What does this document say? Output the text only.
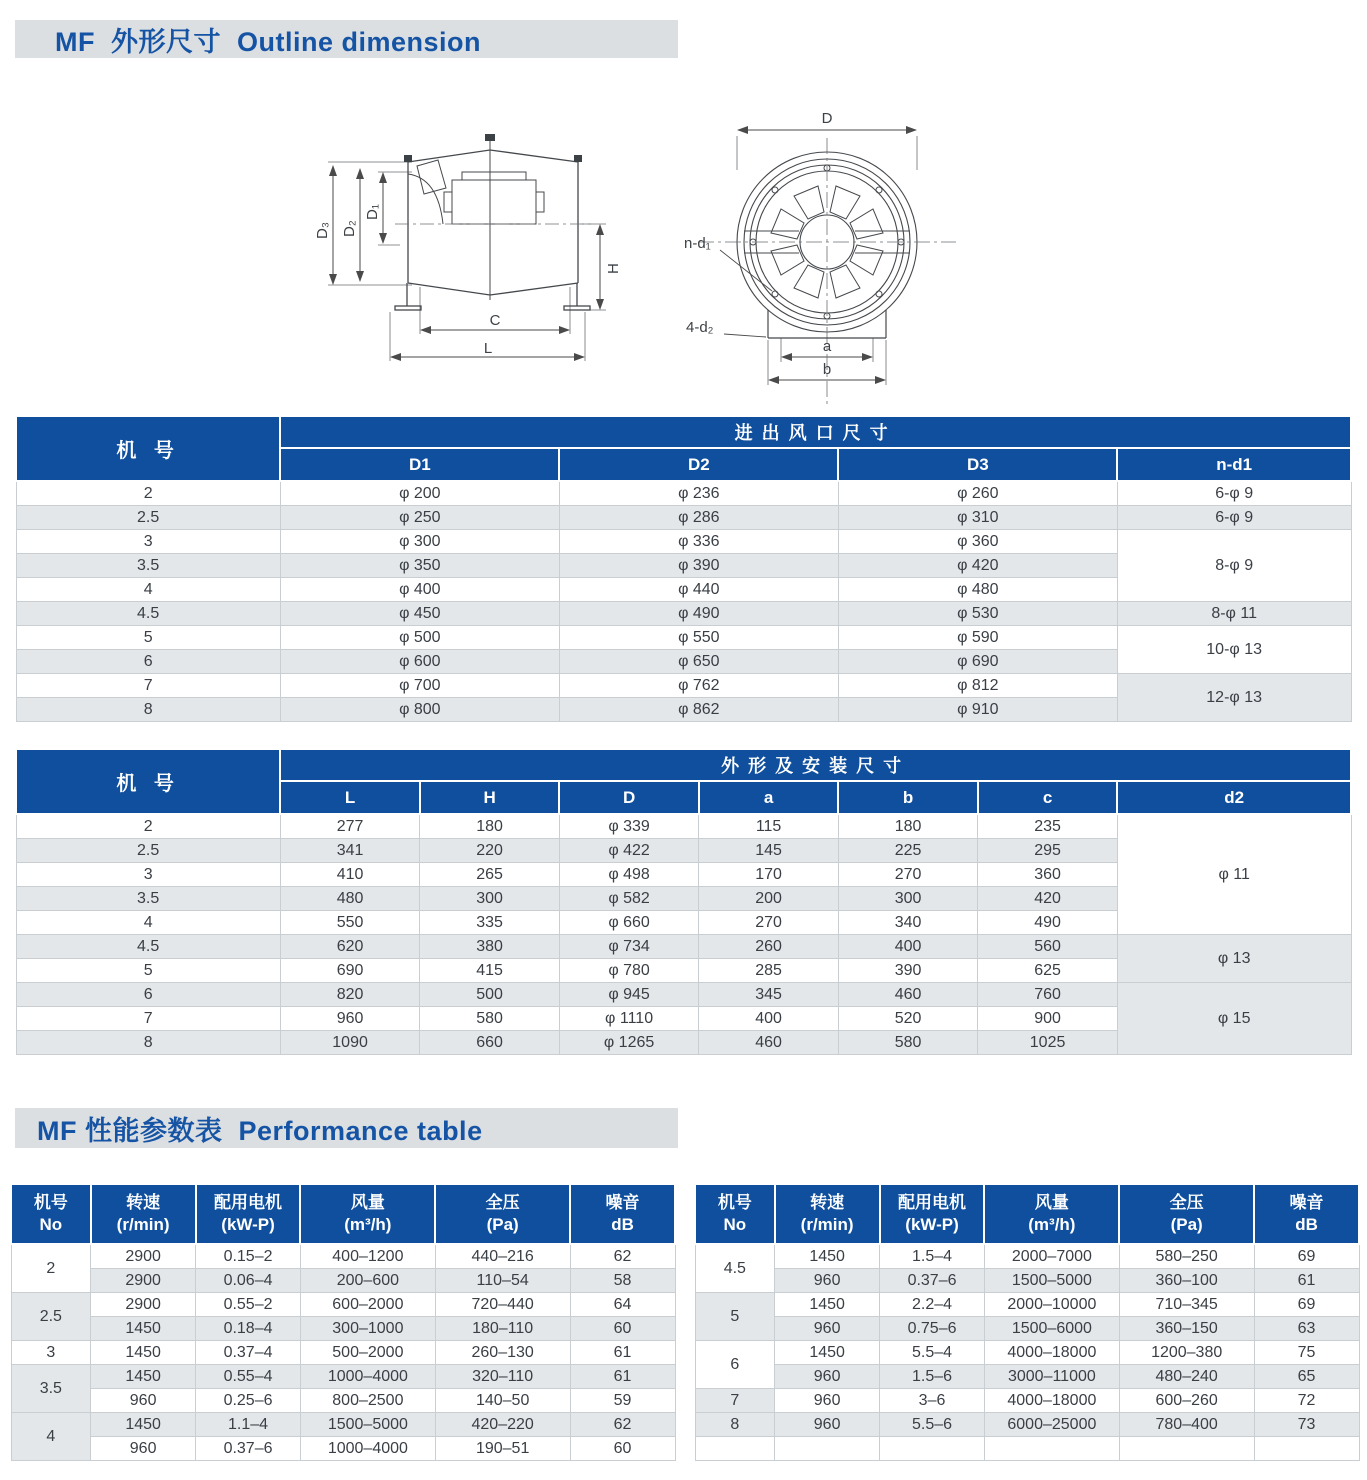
MF  外形尺寸  Outline dimension
D₃ D₂
D₁
H
C
L
D
n-d₁
4-d₂
a
b
机 号	进出风口尺寸			
	D1	D2	D3	n-d1
2	φ 200	φ 236	φ 260	6-φ 9
2.5	φ 250	φ 286	φ 310	6-φ 9
3	φ 300	φ 336	φ 360	8-φ 9
3.5	φ 350	φ 390	φ 420	
4	φ 400	φ 440	φ 480	
4.5	φ 450	φ 490	φ 530	8-φ 11
5	φ 500	φ 550	φ 590	10-φ 13
6	φ 600	φ 650	φ 690	
7	φ 700	φ 762	φ 812	12-φ 13
8	φ 800	φ 862	φ 910	
机 号	外形及安装尺寸						
	L	H	D	a	b	c	d2
2	277	180	φ 339	115	180	235	φ 11
2.5	341	220	φ 422	145	225	295	
3	410	265	φ 498	170	270	360	
3.5	480	300	φ 582	200	300	420	
4	550	335	φ 660	270	340	490	
4.5	620	380	φ 734	260	400	560	φ 13
5	690	415	φ 780	285	390	625	
6	820	500	φ 945	345	460	760	φ 15
7	960	580	φ 1110	400	520	900	
8	1090	660	φ 1265	460	580	1025	
MF 性能参数表  Performance table
机号
No

转速
(r/min)

配用电机
(kW-P)

风量
(m³/h)

全压
(Pa)

噪音
dB

2	2900	0.15–2	400–1200	440–216	62
	2900	0.06–4	200–600	110–54	58
2.5	2900	0.55–2	600–2000	720–440	64
	1450	0.18–4	300–1000	180–110	60
3	1450	0.37–4	500–2000	260–130	61
3.5	1450	0.55–4	1000–4000	320–110	61
	960	0.25–6	800–2500	140–50	59
4	1450	1.1–4	1500–5000	420–220	62
	960	0.37–6	1000–4000	190–51	60
机号
No

转速
(r/min)

配用电机
(kW-P)

风量
(m³/h)

全压
(Pa)

噪音
dB

4.5	1450	1.5–4	2000–7000	580–250	69
	960	0.37–6	1500–5000	360–100	61
5	1450	2.2–4	2000–10000	710–345	69
	960	0.75–6	1500–6000	360–150	63
6	1450	5.5–4	4000–18000	1200–380	75
	960	1.5–6	3000–11000	480–240	65
7	960	3–6	4000–18000	600–260	72
8	960	5.5–6	6000–25000	780–400	73
